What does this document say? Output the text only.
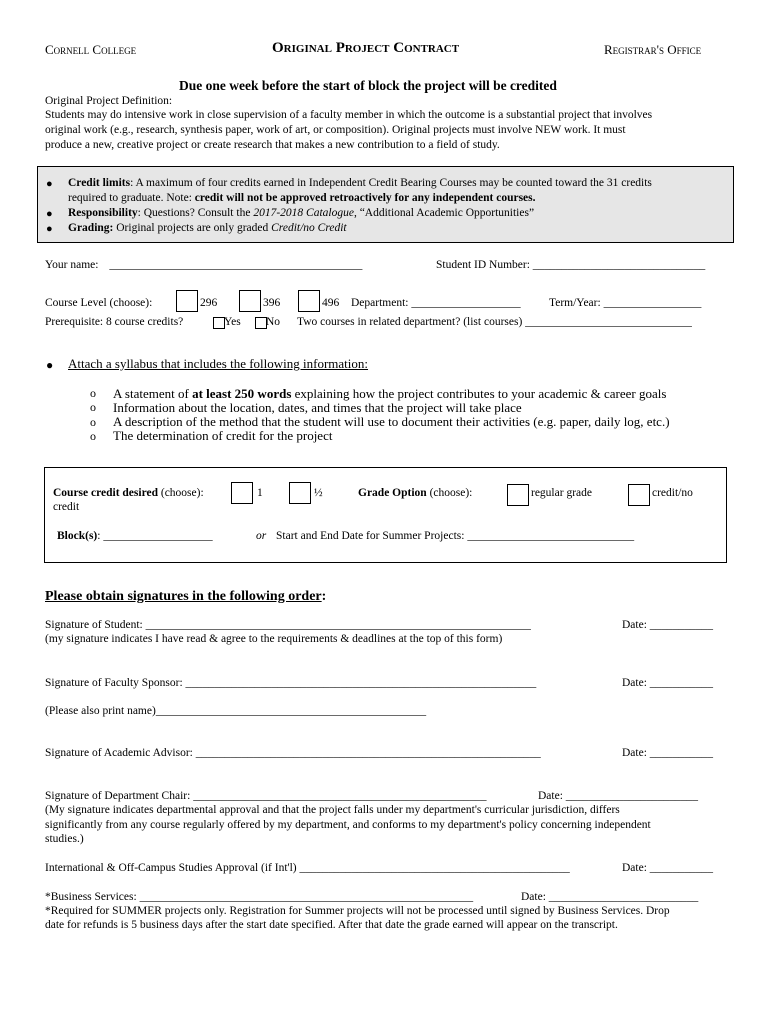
Cornell College	Original Project Contract	Registrar's Office
Due one week before the start of block the project will be credited
Original Project Definition:
Students may do intensive work in close supervision of a faculty member in which the outcome is a substantial project that involves
original work (e.g., research, synthesis paper, work of art, or composition). Original projects must involve NEW work. It must
produce a new, creative project or create research that makes a new contribution to a field of study.
● Credit limits: A maximum of four credits earned in Independent Credit Bearing Courses may be counted toward the 31 credits
required to graduate. Note: credit will not be approved retroactively for any independent courses.
● Responsibility: Questions? Consult the 2017-2018 Catalogue, “Additional Academic Opportunities”
● Grading: Original projects are only graded Credit/no Credit
Your name: ____________________________________________	Student ID Number: ______________________________
Course Level (choose):	296	396	496 Department: ___________________ Term/Year: _________________
Prerequisite: 8 course credits?	Yes No Two courses in related department? (list courses) _____________________________
● Attach a syllabus that includes the following information:
o A statement of at least 250 words explaining how the project contributes to your academic & career goals
o Information about the location, dates, and times that the project will take place
o A description of the method that the student will use to document their activities (e.g. paper, daily log, etc.)
o The determination of credit for the project
Course credit desired (choose):
credit
1	½	Grade Option (choose):	regular grade	credit/no
Block(s): ___________________	or Start and End Date for Summer Projects: _____________________________
Please obtain signatures in the following order:
Signature of Student: ___________________________________________________________________	Date: ___________
(my signature indicates I have read & agree to the requirements & deadlines at the top of this form)
Signature of Faculty Sponsor: _____________________________________________________________	Date: ___________
(Please also print name)_______________________________________________
Signature of Academic Advisor: ____________________________________________________________	Date: ___________
Signature of Department Chair: ___________________________________________________	Date: _______________________
(My signature indicates departmental approval and that the project falls under my department's curricular jurisdiction, differs
significantly from any course regularly offered by my department, and conforms to my department's policy concerning independent
studies.)
International & Off-Campus Studies Approval (if Int'l) _______________________________________________	Date: ___________
*Business Services: __________________________________________________________	Date: __________________________
*Required for SUMMER projects only. Registration for Summer projects will not be processed until signed by Business Services. Drop
date for refunds is 5 business days after the start date specified. After that date the grade earned will appear on the transcript.
